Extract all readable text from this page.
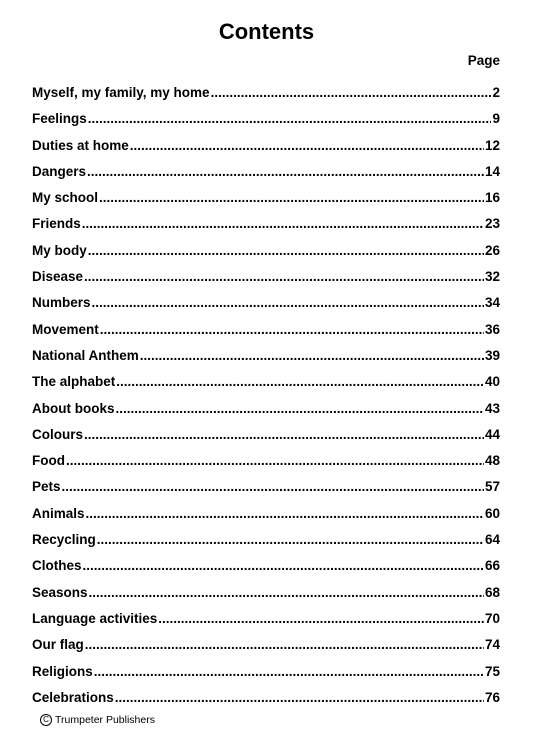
Contents
Page
Myself, my family, my home .....	2
Feelings .....	9
Duties at home .....	12
Dangers .....	14
My school .....	16
Friends .....	23
My body .....	26
Disease .....	32
Numbers .....	34
Movement .....	36
National Anthem .....	39
The alphabet .....	40
About books .....	43
Colours .....	44
Food .....	48
Pets .....	57
Animals .....	60
Recycling .....	64
Clothes .....	66
Seasons .....	68
Language activities .....	70
Our flag .....	74
Religions .....	75
Celebrations .....	76
C Trumpeter Publishers
